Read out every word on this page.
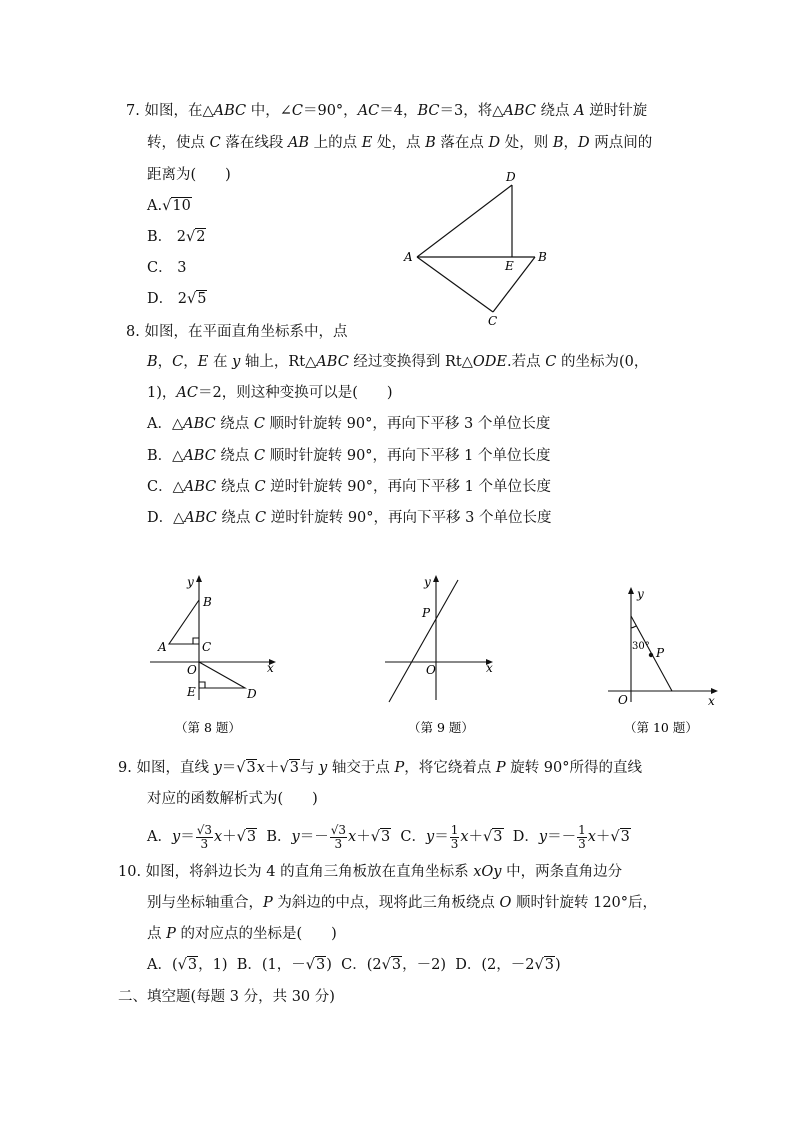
7. 如图，在△ABC 中，∠C＝90°，AC＝4，BC＝3，将△ABC 绕点 A 逆时针旋
转，使点 C 落在线段 AB 上的点 E 处，点 B 落在点 D 处，则 B，D 两点间的
距离为(　　)
A.√10
B． 2√2
C． 3
D． 2√5
D
A
E
B
C
8. 如图，在平面直角坐标系中，点
B，C，E 在 y 轴上，Rt△ABC 经过变换得到 Rt△ODE.若点 C 的坐标为(0，
1)，AC＝2，则这种变换可以是(　　)
A．△ABC 绕点 C 顺时针旋转 90°，再向下平移 3 个单位长度
B．△ABC 绕点 C 顺时针旋转 90°，再向下平移 1 个单位长度
C．△ABC 绕点 C 逆时针旋转 90°，再向下平移 1 个单位长度
D．△ABC 绕点 C 逆时针旋转 90°，再向下平移 3 个单位长度
y
x
B
A	C
O
E	D
（第 8 题）
y
x
P
O
（第 9 题）
y
x
P
O
30°
（第 10 题）
9. 如图，直线 y＝√3x＋√3与 y 轴交于点 P，将它绕着点 P 旋转 90°所得的直线
对应的函数解析式为(　　)
A．$y= \frac{√3}{3} x+√3$ B．$y=- \frac{√3}{3} x+√3$ C．$y= \frac{1}{3} x+√3$ D．$y=- \frac{1}{3} x+√3$
10. 如图，将斜边长为 4 的直角三角板放在直角坐标系 xOy 中，两条直角边分
别与坐标轴重合，P 为斜边的中点，现将此三角板绕点 O 顺时针旋转 120°后，
点 P 的对应点的坐标是(　　)
A．(√3，1) B．(1，－√3) C．(2√3，－2) D．(2，－2√3)
二、填空题(每题 3 分，共 30 分)
